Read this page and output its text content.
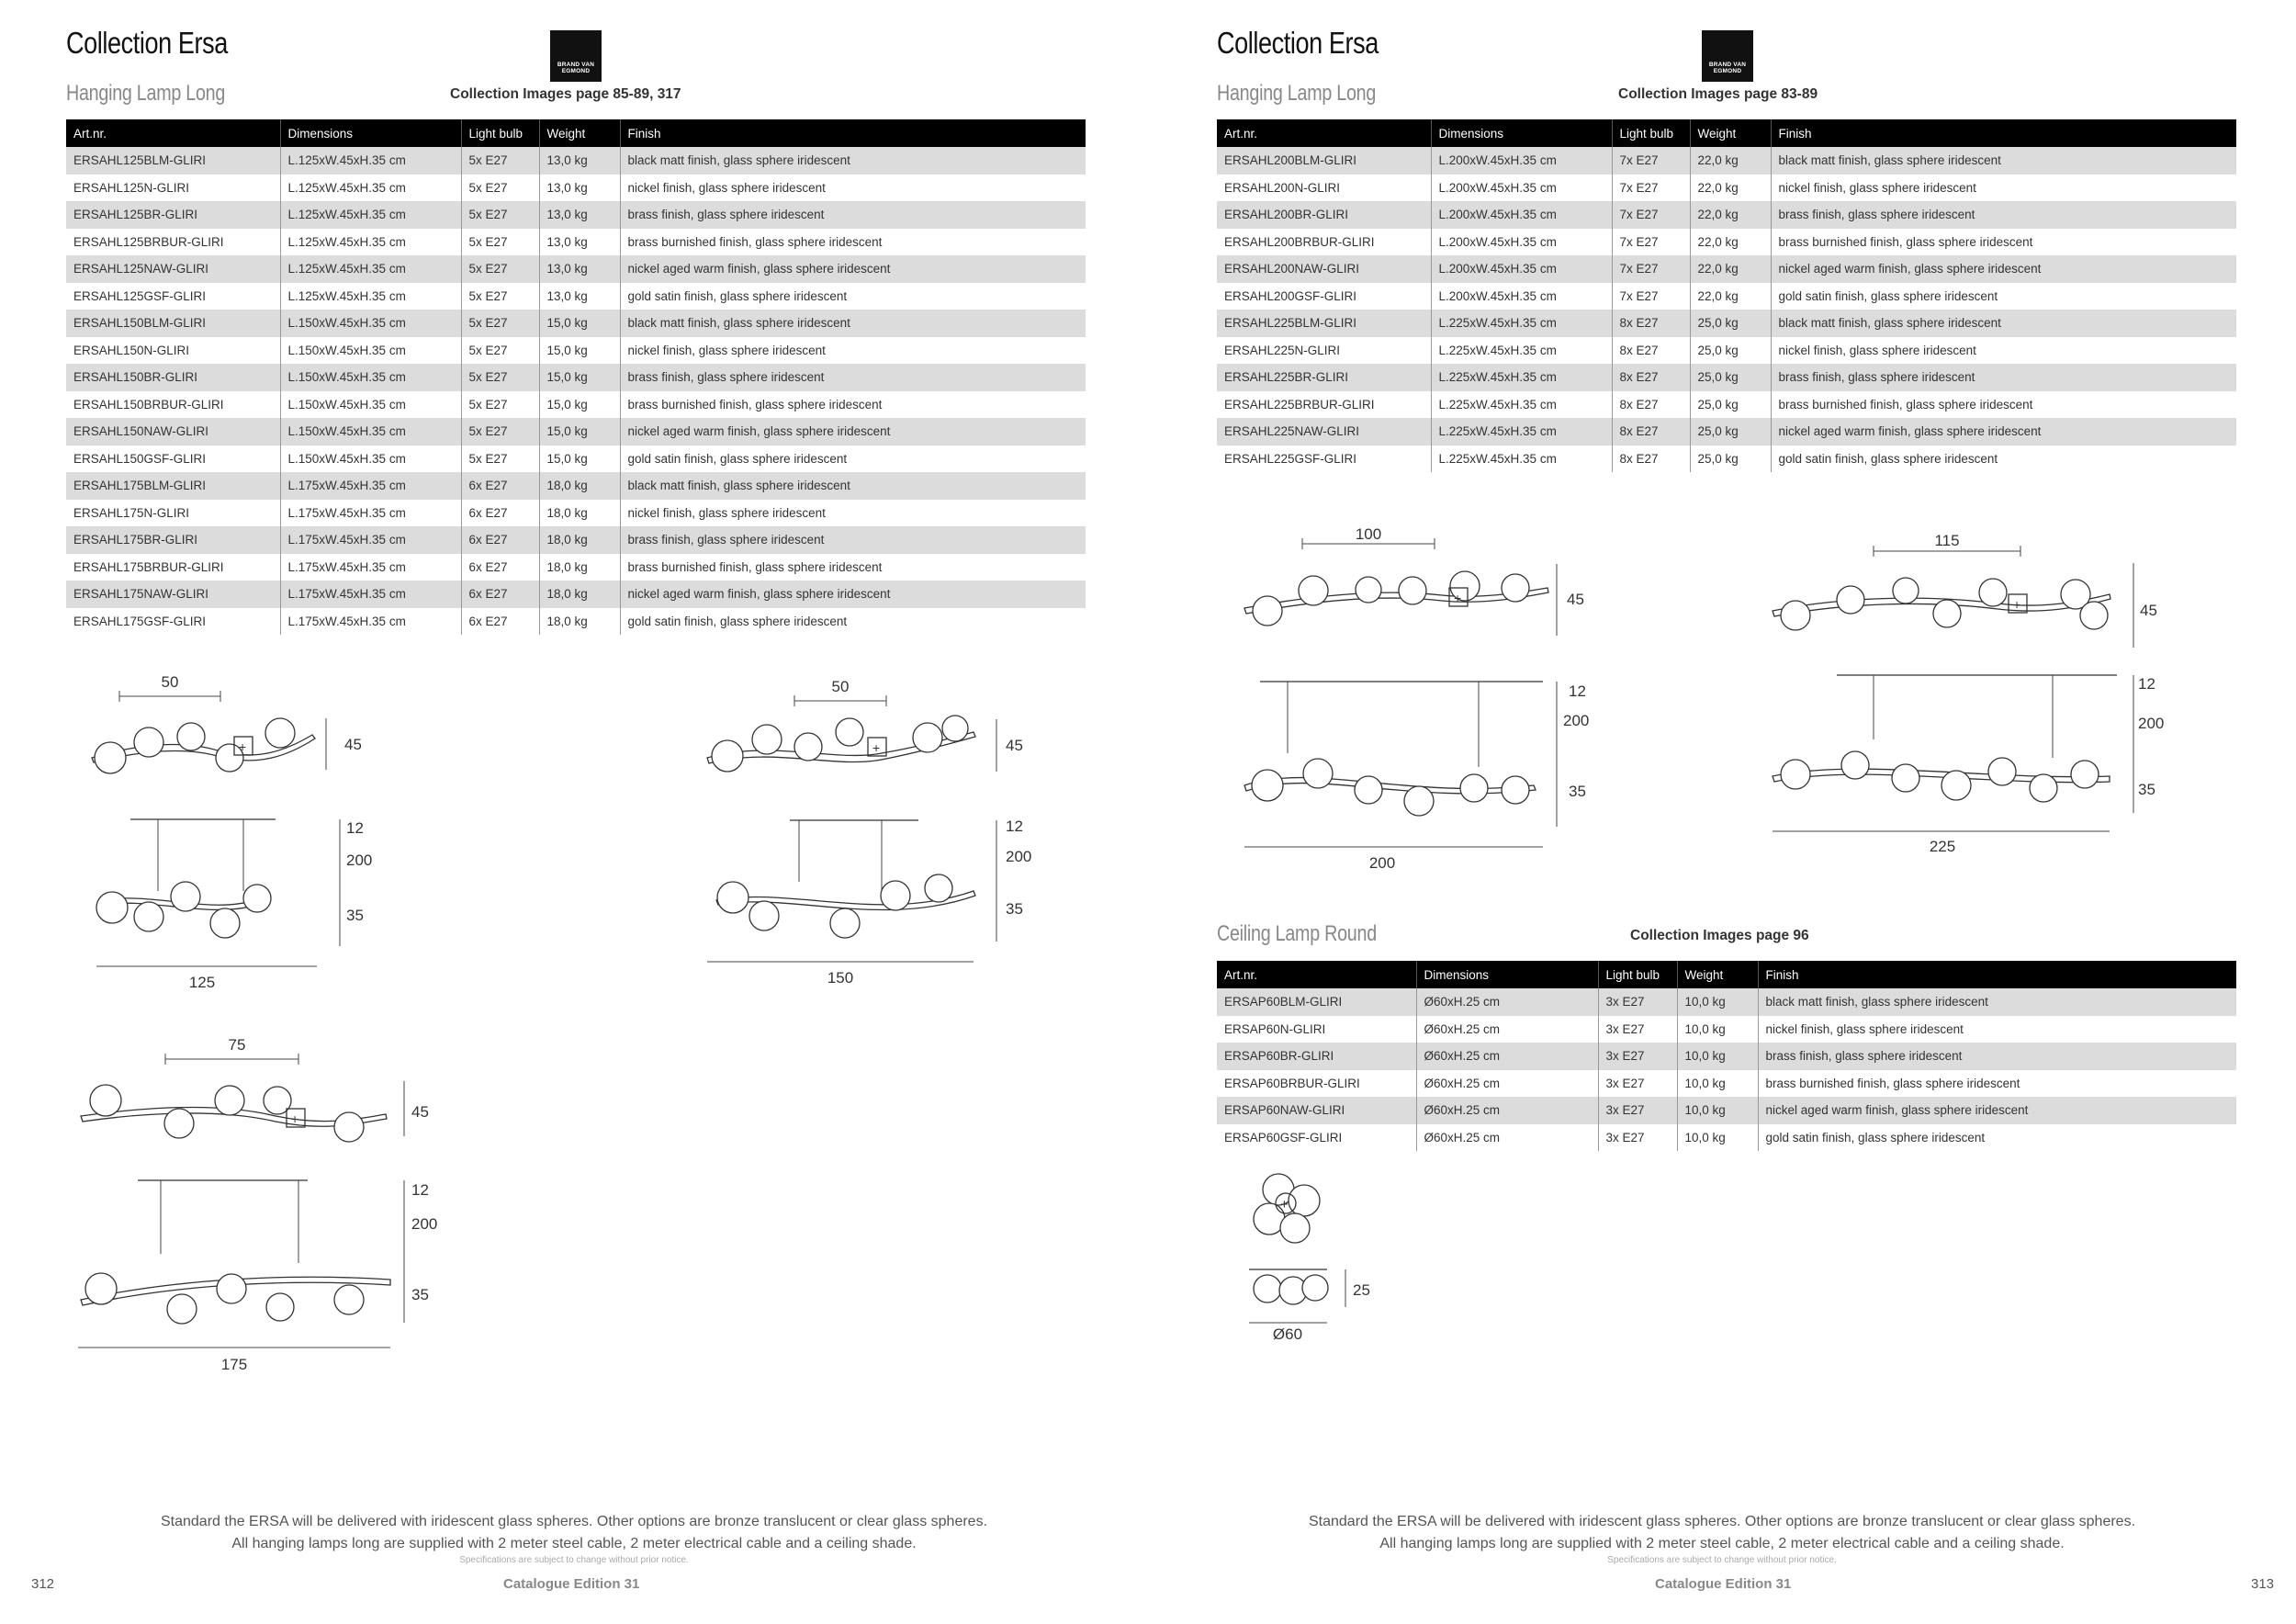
Collection Ersa
Hanging Lamp Long
BRAND VAN
EGMOND
Collection Images page 85-89, 317
Art.nr.	Dimensions	Light bulb	Weight	Finish
ERSAHL125BLM-GLIRI	L.125xW.45xH.35 cm	5x E27	13,0 kg	black matt finish, glass sphere iridescent
ERSAHL125N-GLIRI	L.125xW.45xH.35 cm	5x E27	13,0 kg	nickel finish, glass sphere iridescent
ERSAHL125BR-GLIRI	L.125xW.45xH.35 cm	5x E27	13,0 kg	brass finish, glass sphere iridescent
ERSAHL125BRBUR-GLIRI	L.125xW.45xH.35 cm	5x E27	13,0 kg	brass burnished finish, glass sphere iridescent
ERSAHL125NAW-GLIRI	L.125xW.45xH.35 cm	5x E27	13,0 kg	nickel aged warm finish, glass sphere iridescent
ERSAHL125GSF-GLIRI	L.125xW.45xH.35 cm	5x E27	13,0 kg	gold satin finish, glass sphere iridescent
ERSAHL150BLM-GLIRI	L.150xW.45xH.35 cm	5x E27	15,0 kg	black matt finish, glass sphere iridescent
ERSAHL150N-GLIRI	L.150xW.45xH.35 cm	5x E27	15,0 kg	nickel finish, glass sphere iridescent
ERSAHL150BR-GLIRI	L.150xW.45xH.35 cm	5x E27	15,0 kg	brass finish, glass sphere iridescent
ERSAHL150BRBUR-GLIRI	L.150xW.45xH.35 cm	5x E27	15,0 kg	brass burnished finish, glass sphere iridescent
ERSAHL150NAW-GLIRI	L.150xW.45xH.35 cm	5x E27	15,0 kg	nickel aged warm finish, glass sphere iridescent
ERSAHL150GSF-GLIRI	L.150xW.45xH.35 cm	5x E27	15,0 kg	gold satin finish, glass sphere iridescent
ERSAHL175BLM-GLIRI	L.175xW.45xH.35 cm	6x E27	18,0 kg	black matt finish, glass sphere iridescent
ERSAHL175N-GLIRI	L.175xW.45xH.35 cm	6x E27	18,0 kg	nickel finish, glass sphere iridescent
ERSAHL175BR-GLIRI	L.175xW.45xH.35 cm	6x E27	18,0 kg	brass finish, glass sphere iridescent
ERSAHL175BRBUR-GLIRI	L.175xW.45xH.35 cm	6x E27	18,0 kg	brass burnished finish, glass sphere iridescent
ERSAHL175NAW-GLIRI	L.175xW.45xH.35 cm	6x E27	18,0 kg	nickel aged warm finish, glass sphere iridescent
ERSAHL175GSF-GLIRI	L.175xW.45xH.35 cm	6x E27	18,0 kg	gold satin finish, glass sphere iridescent
50
+	45
125
12
200
35
50
+	45
150
12
200
35
75
+	45
175
12
200
35
Standard the ERSA will be delivered with iridescent glass spheres. Other options are bronze translucent or clear glass spheres.
All hanging lamps long are supplied with 2 meter steel cable, 2 meter electrical cable and a ceiling shade.
Specifications are subject to change without prior notice.
312	Catalogue Edition 31
Collection Ersa
Hanging Lamp Long
BRAND VAN
EGMOND
Collection Images page 83-89
Art.nr.	Dimensions	Light bulb	Weight	Finish
ERSAHL200BLM-GLIRI	L.200xW.45xH.35 cm	7x E27	22,0 kg	black matt finish, glass sphere iridescent
ERSAHL200N-GLIRI	L.200xW.45xH.35 cm	7x E27	22,0 kg	nickel finish, glass sphere iridescent
ERSAHL200BR-GLIRI	L.200xW.45xH.35 cm	7x E27	22,0 kg	brass finish, glass sphere iridescent
ERSAHL200BRBUR-GLIRI	L.200xW.45xH.35 cm	7x E27	22,0 kg	brass burnished finish, glass sphere iridescent
ERSAHL200NAW-GLIRI	L.200xW.45xH.35 cm	7x E27	22,0 kg	nickel aged warm finish, glass sphere iridescent
ERSAHL200GSF-GLIRI	L.200xW.45xH.35 cm	7x E27	22,0 kg	gold satin finish, glass sphere iridescent
ERSAHL225BLM-GLIRI	L.225xW.45xH.35 cm	8x E27	25,0 kg	black matt finish, glass sphere iridescent
ERSAHL225N-GLIRI	L.225xW.45xH.35 cm	8x E27	25,0 kg	nickel finish, glass sphere iridescent
ERSAHL225BR-GLIRI	L.225xW.45xH.35 cm	8x E27	25,0 kg	brass finish, glass sphere iridescent
ERSAHL225BRBUR-GLIRI	L.225xW.45xH.35 cm	8x E27	25,0 kg	brass burnished finish, glass sphere iridescent
ERSAHL225NAW-GLIRI	L.225xW.45xH.35 cm	8x E27	25,0 kg	nickel aged warm finish, glass sphere iridescent
ERSAHL225GSF-GLIRI	L.225xW.45xH.35 cm	8x E27	25,0 kg	gold satin finish, glass sphere iridescent
100
+	45
200
12
200
35
115
+	45
225
12
200
35
Ceiling Lamp Round	Collection Images page 96
Art.nr.	Dimensions	Light bulb	Weight	Finish
ERSAP60BLM-GLIRI	Ø60xH.25 cm	3x E27	10,0 kg	black matt finish, glass sphere iridescent
ERSAP60N-GLIRI	Ø60xH.25 cm	3x E27	10,0 kg	nickel finish, glass sphere iridescent
ERSAP60BR-GLIRI	Ø60xH.25 cm	3x E27	10,0 kg	brass finish, glass sphere iridescent
ERSAP60BRBUR-GLIRI	Ø60xH.25 cm	3x E27	10,0 kg	brass burnished finish, glass sphere iridescent
ERSAP60NAW-GLIRI	Ø60xH.25 cm	3x E27	10,0 kg	nickel aged warm finish, glass sphere iridescent
ERSAP60GSF-GLIRI	Ø60xH.25 cm	3x E27	10,0 kg	gold satin finish, glass sphere iridescent
+
25
Ø60
Standard the ERSA will be delivered with iridescent glass spheres. Other options are bronze translucent or clear glass spheres.
All hanging lamps long are supplied with 2 meter steel cable, 2 meter electrical cable and a ceiling shade.
Specifications are subject to change without prior notice.
313
Catalogue Edition 31
